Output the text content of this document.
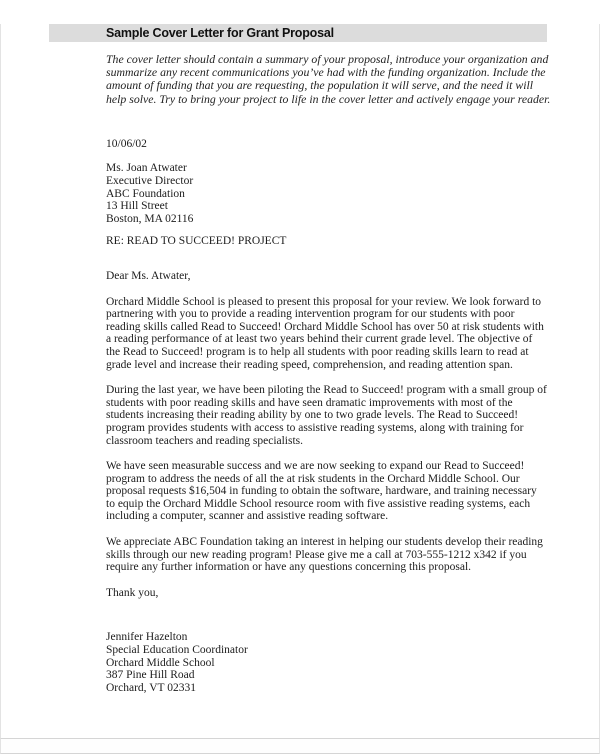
Sample Cover Letter for Grant Proposal
The cover letter should contain a summary of your proposal, introduce your organization and summarize any recent communications you’ve had with the funding organization. Include the amount of funding that you are requesting, the population it will serve, and the need it will help solve. Try to bring your project to life in the cover letter and actively engage your reader.

10/06/02

Ms. Joan Atwater

Executive Director

ABC Foundation

13 Hill Street

Boston, MA 02116

RE: READ TO SUCCEED! PROJECT

Dear Ms. Atwater,

Orchard Middle School is pleased to present this proposal for your review. We look forward to partnering with you to provide a reading intervention program for our students with poor reading skills called Read to Succeed! Orchard Middle School has over 50 at risk students with a reading performance of at least two years behind their current grade level. The objective of the Read to Succeed! program is to help all students with poor reading skills learn to read at grade level and increase their reading speed, comprehension, and reading attention span.

During the last year, we have been piloting the Read to Succeed! program with a small group of students with poor reading skills and have seen dramatic improvements with most of the students increasing their reading ability by one to two grade levels. The Read to Succeed! program provides students with access to assistive reading systems, along with training for classroom teachers and reading specialists.

We have seen measurable success and we are now seeking to expand our Read to Succeed! program to address the needs of all the at risk students in the Orchard Middle School. Our proposal requests $16,504 in funding to obtain the software, hardware, and training necessary to equip the Orchard Middle School resource room with five assistive reading systems, each including a computer, scanner and assistive reading software.

We appreciate ABC Foundation taking an interest in helping our students develop their reading skills through our new reading program! Please give me a call at 703-555-1212 x342 if you require any further information or have any questions concerning this proposal.

Thank you,

Jennifer Hazelton

Special Education Coordinator

Orchard Middle School

387 Pine Hill Road

Orchard, VT 02331
